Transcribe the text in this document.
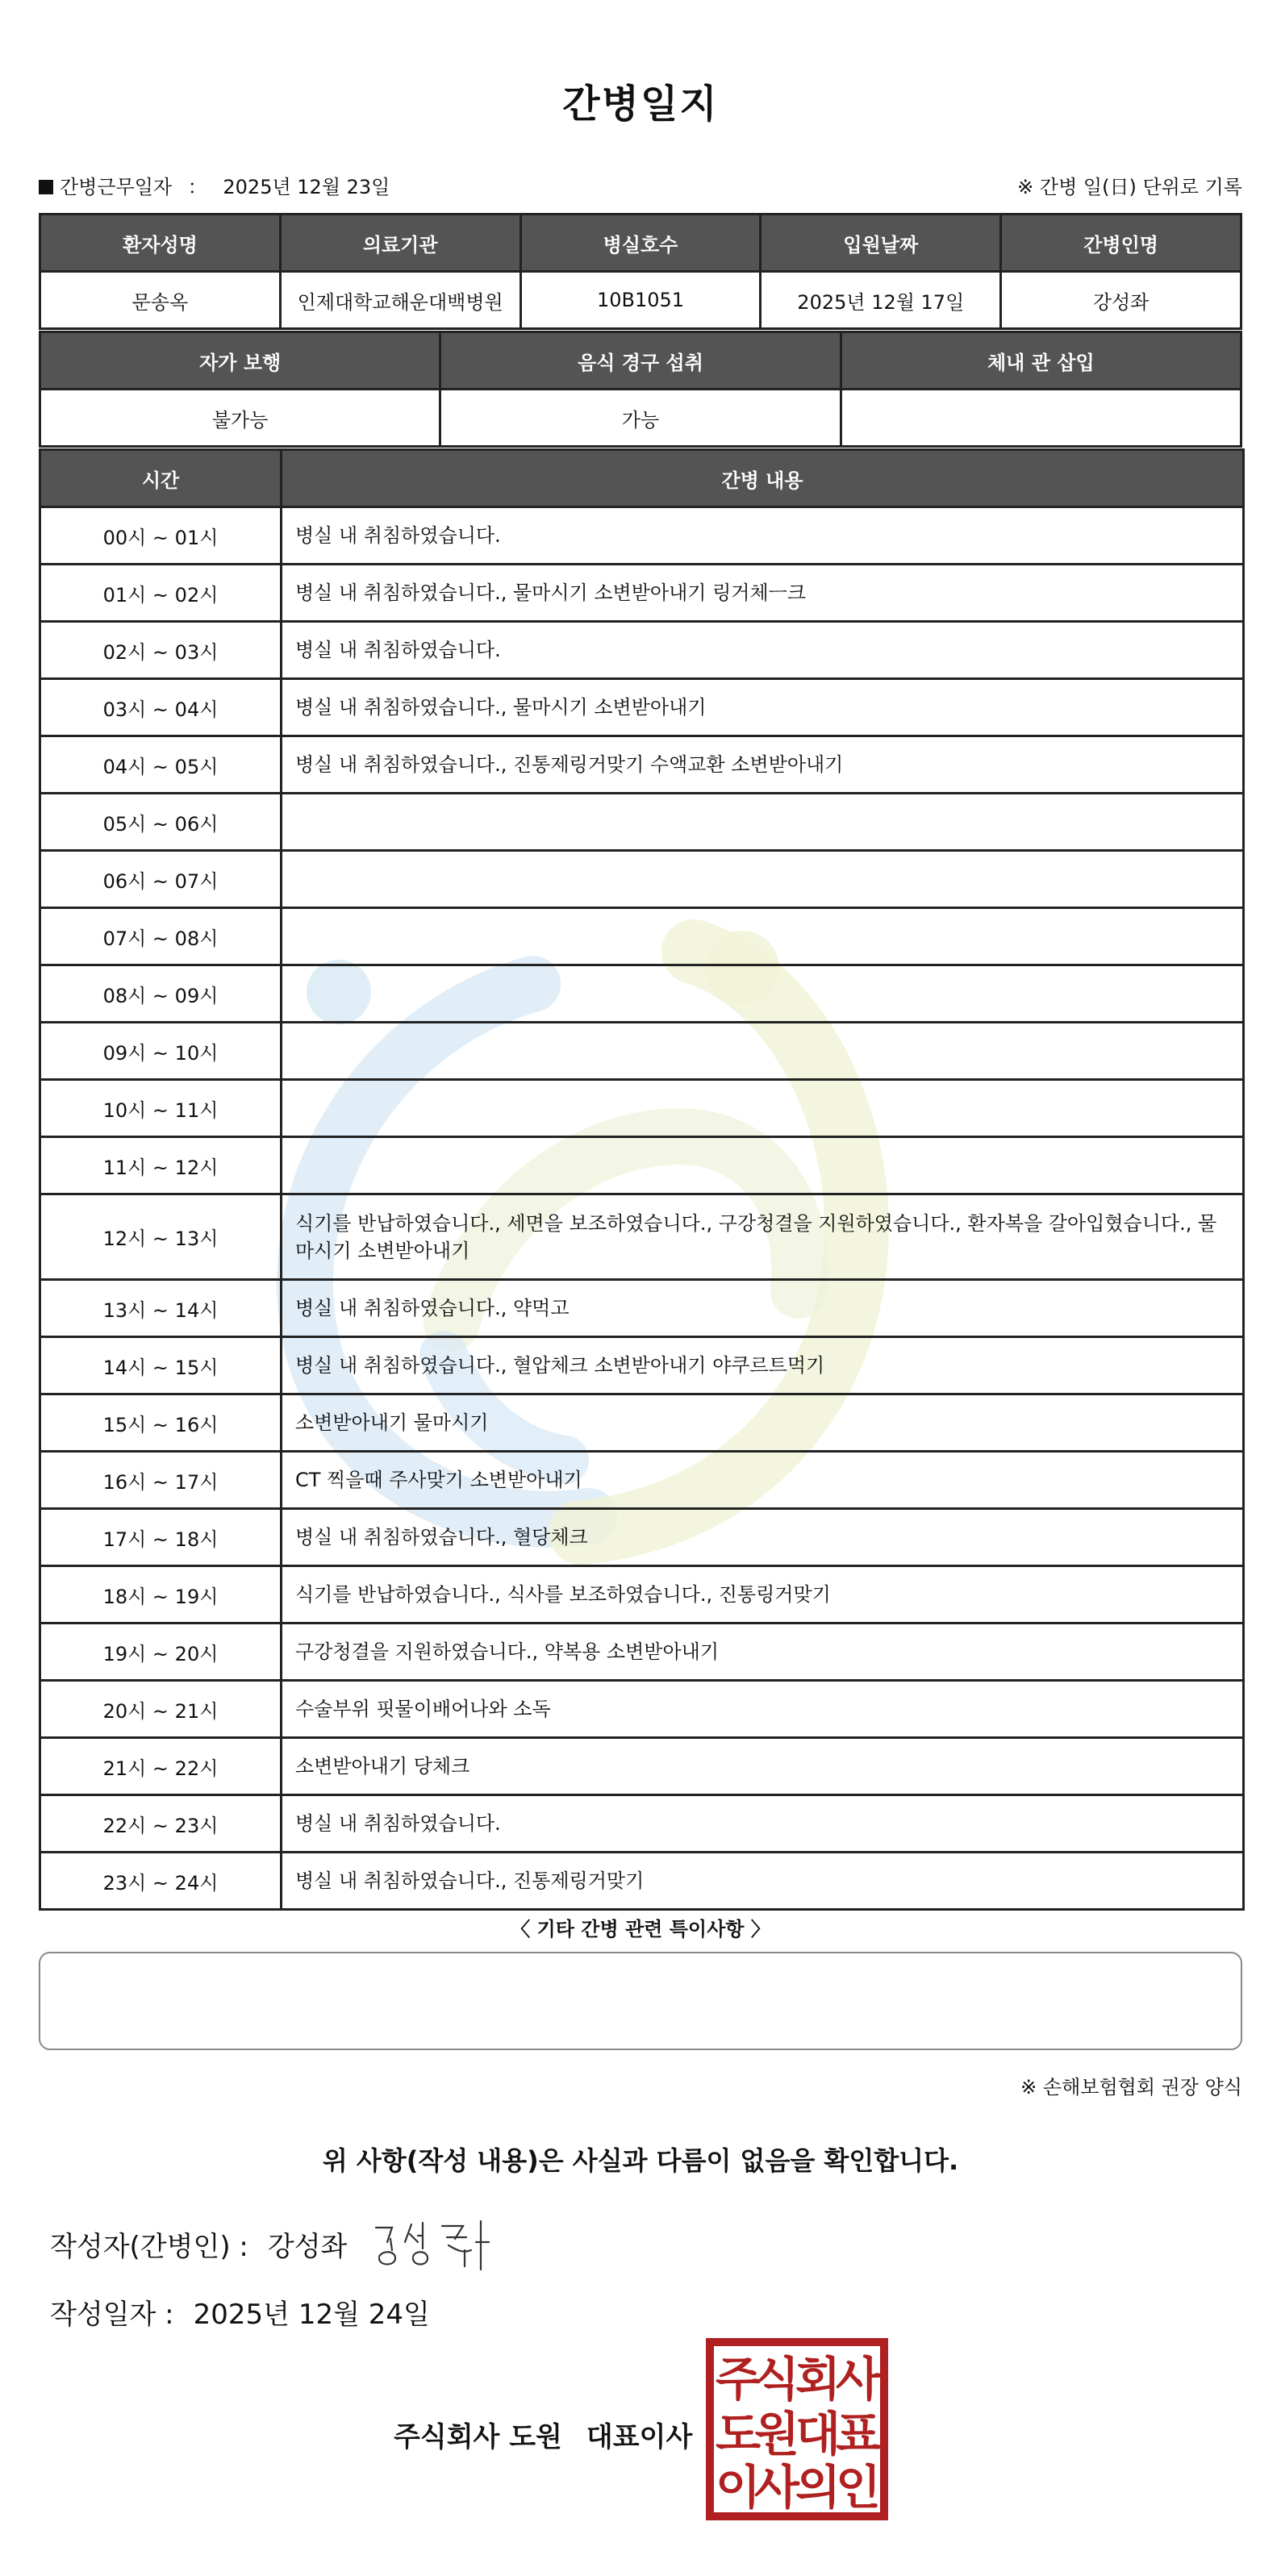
간병일지
간병근무일자 ： 2025년 12월 23일	※ 간병 일(日) 단위로 기록
환자성명	의료기관	병실호수	입원날짜	간병인명
문송옥	인제대학교해운대백병원	10B1051	2025년 12월 17일	강성좌
자가 보행	음식 경구 섭취	체내 관 삽입
불가능	가능	
시간	간병 내용
00시 ~ 01시	병실 내 취침하였습니다.
01시 ~ 02시	병실 내 취침하였습니다., 물마시기 소변받아내기 링거체ㅡ크
02시 ~ 03시	병실 내 취침하였습니다.
03시 ~ 04시	병실 내 취침하였습니다., 물마시기 소변받아내기
04시 ~ 05시	병실 내 취침하였습니다., 진통제링거맞기 수액교환 소변받아내기
05시 ~ 06시	
06시 ~ 07시	
07시 ~ 08시	
08시 ~ 09시	
09시 ~ 10시	
10시 ~ 11시	
11시 ~ 12시	
12시 ~ 13시	식기를 반납하였습니다., 세면을 보조하였습니다., 구강청결을 지원하였습니다., 환자복을 갈아입혔습니다., 물마시기 소변받아내기
13시 ~ 14시	병실 내 취침하였습니다., 약먹고
14시 ~ 15시	병실 내 취침하였습니다., 혈압체크 소변받아내기 야쿠르트먹기
15시 ~ 16시	소변받아내기 물마시기
16시 ~ 17시	CT 찍을때 주사맞기 소변받아내기
17시 ~ 18시	병실 내 취침하였습니다., 혈당체크
18시 ~ 19시	식기를 반납하였습니다., 식사를 보조하였습니다., 진통링거맞기
19시 ~ 20시	구강청결을 지원하였습니다., 약복용 소변받아내기
20시 ~ 21시	수술부위 핏물이배어나와 소독
21시 ~ 22시	소변받아내기 당체크
22시 ~ 23시	병실 내 취침하였습니다.
23시 ~ 24시	병실 내 취침하였습니다., 진통제링거맞기
〈 기타 간병 관련 특이사항 〉
※ 손해보험협회 권장 양식
위 사항(작성 내용)은 사실과 다름이 없음을 확인합니다.
작성자(간병인) : 강성좌
작성일자 : 2025년 12월 24일
주식회사 도원 대표이사
주
식
회
사
도
원
대
표
이
사
의
인
